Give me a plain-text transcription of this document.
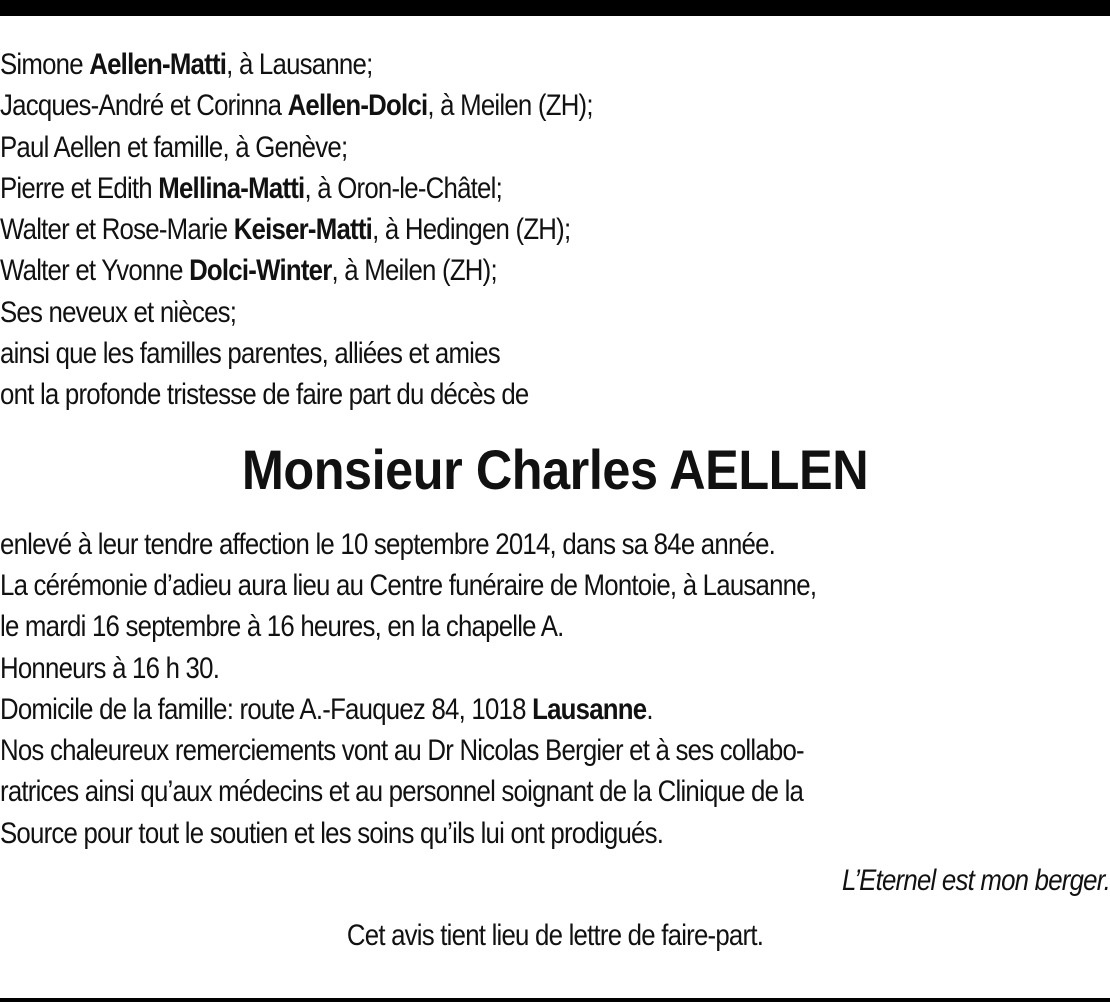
Simone Aellen-Matti, à Lausanne;
Jacques-André et Corinna Aellen-Dolci, à Meilen (ZH);
Paul Aellen et famille, à Genève;
Pierre et Edith Mellina-Matti, à Oron-le-Châtel;
Walter et Rose-Marie Keiser-Matti, à Hedingen (ZH);
Walter et Yvonne Dolci-Winter, à Meilen (ZH);
Ses neveux et nièces;
ainsi que les familles parentes, alliées et amies
ont la profonde tristesse de faire part du décès de
Monsieur Charles AELLEN
enlevé à leur tendre affection le 10 septembre 2014, dans sa 84e année.
La cérémonie d’adieu aura lieu au Centre funéraire de Montoie, à Lausanne,
le mardi 16 septembre à 16 heures, en la chapelle A.
Honneurs à 16 h 30.
Domicile de la famille: route A.-Fauquez 84, 1018 Lausanne.
Nos chaleureux remerciements vont au Dr Nicolas Bergier et à ses collabo-
ratrices ainsi qu’aux médecins et au personnel soignant de la Clinique de la
Source pour tout le soutien et les soins qu’ils lui ont prodigués.
L’Eternel est mon berger.
Cet avis tient lieu de lettre de faire-part.
